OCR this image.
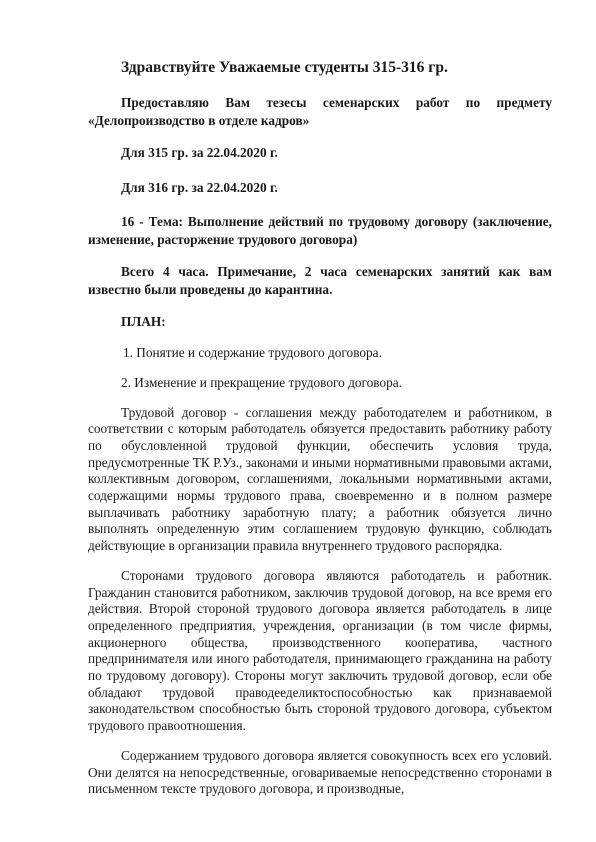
Здравствуйте Уважаемые студенты 315-316 гр.
Предоставляю Вам тезесы семенарских работ по предмету «Делопроизводство в отделе кадров»
Для 315 гр. за 22.04.2020 г.
Для 316 гр. за 22.04.2020 г.
16 - Тема: Выполнение действий по трудовому договору (заключение, изменение, расторжение трудового договора)
Всего 4 часа. Примечание, 2 часа семенарских занятий как вам известно были проведены до карантина.
ПЛАН:
1. Понятие и содержание трудового договора.
2. Изменение и прекращение трудового договора.
Трудовой договор - соглашения между работодателем и работником, в соответствии с которым работодатель обязуется предоставить работнику работу по обусловленной трудовой функции, обеспечить условия труда, предусмотренные ТК Р.Уз., законами и иными нормативными правовыми актами, коллективным договором, соглашениями, локальными нормативными актами, содержащими нормы трудового права, своевременно и в полном размере выплачивать работнику заработную плату; а работник обязуется лично выполнять определенную этим соглашением трудовую функцию, соблюдать действующие в организации правила внутреннего трудового распорядка.
Сторонами трудового договора являются работодатель и работник. Гражданин становится работником, заключив трудовой договор, на все время его действия. Второй стороной трудового договора является работодатель в лице определенного предприятия, учреждения, организации (в том числе фирмы, акционерного общества, производственного кооператива, частного предпринимателя или иного работодателя, принимающего гражданина на работу по трудовому договору). Стороны могут заключить трудовой договор, если обе обладают трудовой праводееделиктоспособностью как признаваемой законодательством способностью быть стороной трудового договора, субъектом трудового правоотношения.
Содержанием трудового договора является совокупность всех его условий. Они делятся на непосредственные, оговариваемые непосредственно сторонами в письменном тексте трудового договора, и производные,
